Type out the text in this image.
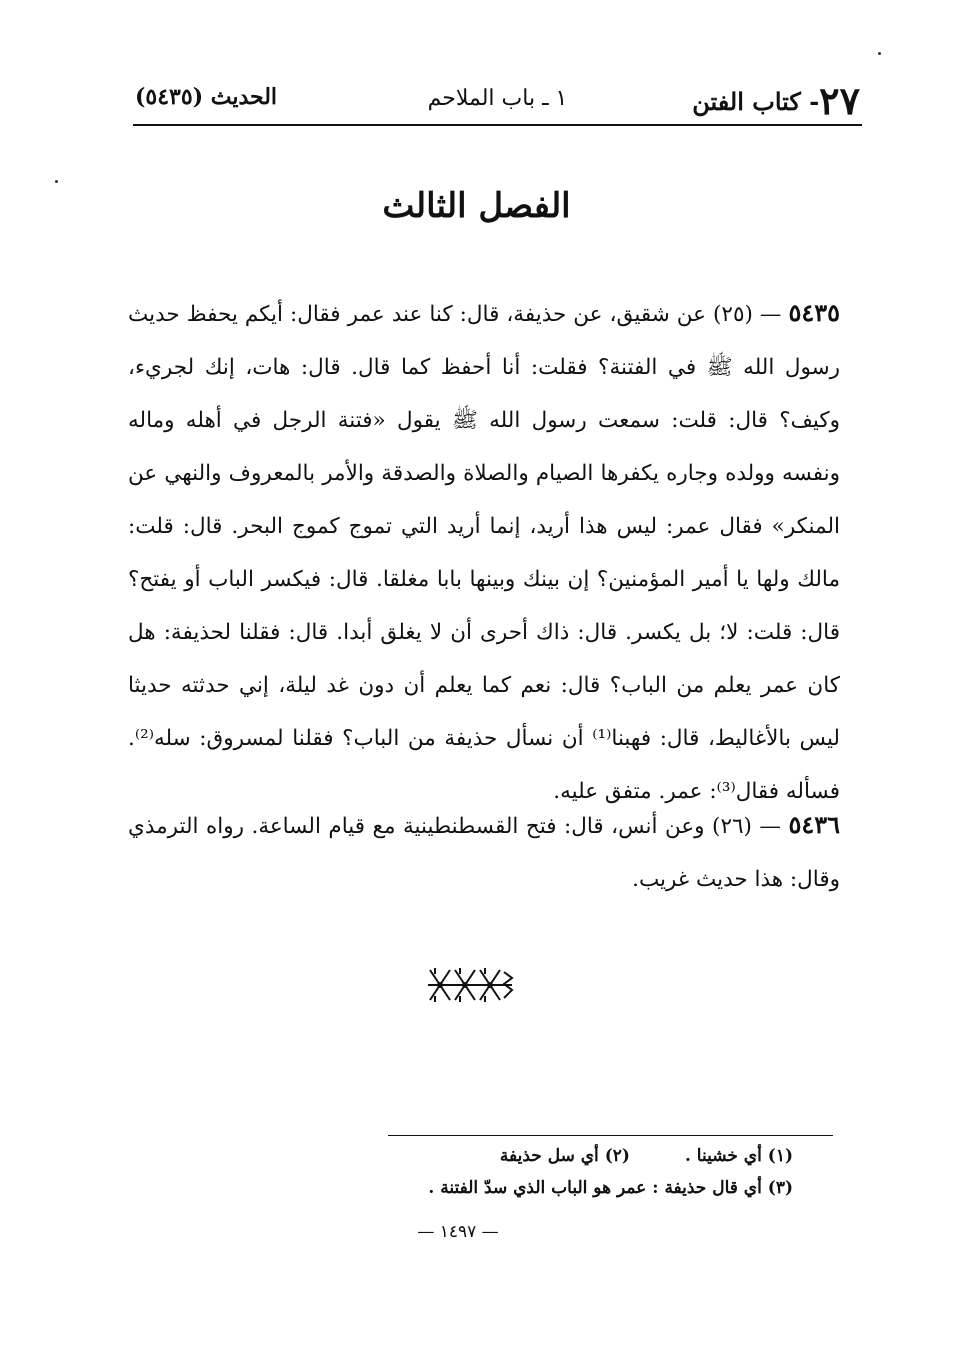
٢٧- كتاب الفتن
١ ـ باب الملاحم
الحديث (٥٤٣٥)
الفصل الثالث
٥٤٣٥ — (٢٥) عن شقيق، عن حذيفة، قال: كنا عند عمر فقال: أيكم يحفظ حديث رسول الله ﷺ في الفتنة؟ فقلت: أنا أحفظ كما قال. قال: هات، إنك لجريء، وكيف؟ قال: قلت: سمعت رسول الله ﷺ يقول «فتنة الرجل في أهله وماله ونفسه وولده وجاره يكفرها الصيام والصلاة والصدقة والأمر بالمعروف والنهي عن المنكر» فقال عمر: ليس هذا أريد، إنما أريد التي تموج كموج البحر. قال: قلت: مالك ولها يا أمير المؤمنين؟ إن بينك وبينها بابا مغلقا. قال: فيكسر الباب أو يفتح؟ قال: قلت: لا؛ بل يكسر. قال: ذاك أحرى أن لا يغلق أبدا. قال: فقلنا لحذيفة: هل كان عمر يعلم من الباب؟ قال: نعم كما يعلم أن دون غد ليلة، إني حدثته حديثا ليس بالأغاليط، قال: فهبنا⁽¹⁾ أن نسأل حذيفة من الباب؟ فقلنا لمسروق: سله⁽²⁾. فسأله فقال⁽³⁾: عمر. متفق عليه.
٥٤٣٦ — (٢٦) وعن أنس، قال: فتح القسطنطينية مع قيام الساعة. رواه الترمذي وقال: هذا حديث غريب.
(١) أي خشينا .(٢) أي سل حذيفة
(٣) أي قال حذيفة : عمر هو الباب الذي سدّ الفتنة .
— ١٤٩٧ —
